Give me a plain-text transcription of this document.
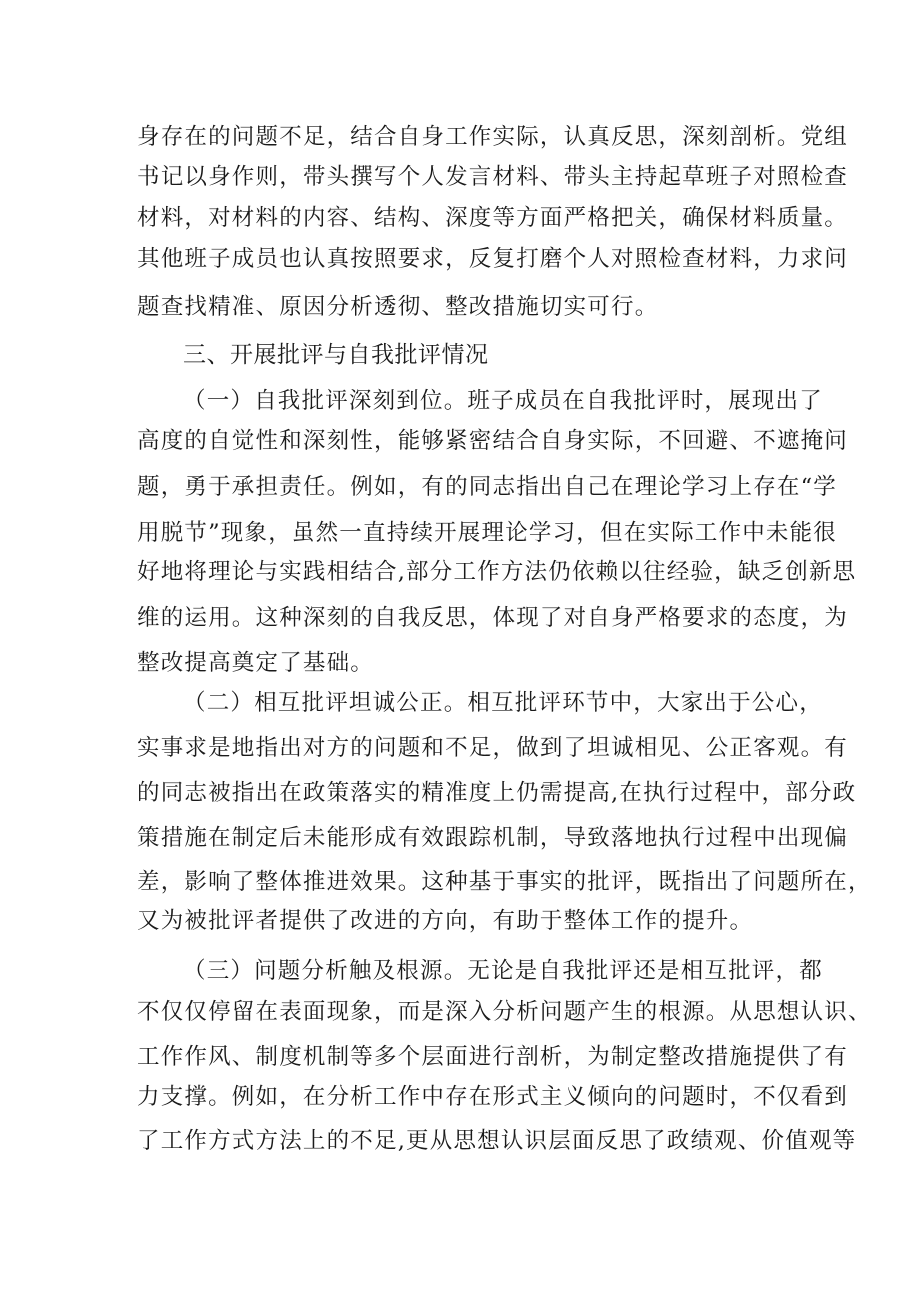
身存在的问题不足，结合自身工作实际，认真反思，深刻剖析。党组
书记以身作则，带头撰写个人发言材料、带头主持起草班子对照检查
材料，对材料的内容、结构、深度等方面严格把关，确保材料质量。
其他班子成员也认真按照要求，反复打磨个人对照检查材料，力求问
题查找精准、原因分析透彻、整改措施切实可行。
三、开展批评与自我批评情况
（一）自我批评深刻到位。班子成员在自我批评时，展现出了
高度的自觉性和深刻性，能够紧密结合自身实际，不回避、不遮掩问
题，勇于承担责任。例如，有的同志指出自己在理论学习上存在“学
用脱节”现象，虽然一直持续开展理论学习，但在实际工作中未能很
好地将理论与实践相结合,部分工作方法仍依赖以往经验，缺乏创新思
维的运用。这种深刻的自我反思，体现了对自身严格要求的态度，为
整改提高奠定了基础。
（二）相互批评坦诚公正。相互批评环节中，大家出于公心，
实事求是地指出对方的问题和不足，做到了坦诚相见、公正客观。有
的同志被指出在政策落实的精准度上仍需提高,在执行过程中，部分政
策措施在制定后未能形成有效跟踪机制，导致落地执行过程中出现偏
差，影响了整体推进效果。这种基于事实的批评，既指出了问题所在，
又为被批评者提供了改进的方向，有助于整体工作的提升。
（三）问题分析触及根源。无论是自我批评还是相互批评，都
不仅仅停留在表面现象，而是深入分析问题产生的根源。从思想认识、
工作作风、制度机制等多个层面进行剖析，为制定整改措施提供了有
力支撑。例如，在分析工作中存在形式主义倾向的问题时，不仅看到
了工作方式方法上的不足,更从思想认识层面反思了政绩观、价值观等
